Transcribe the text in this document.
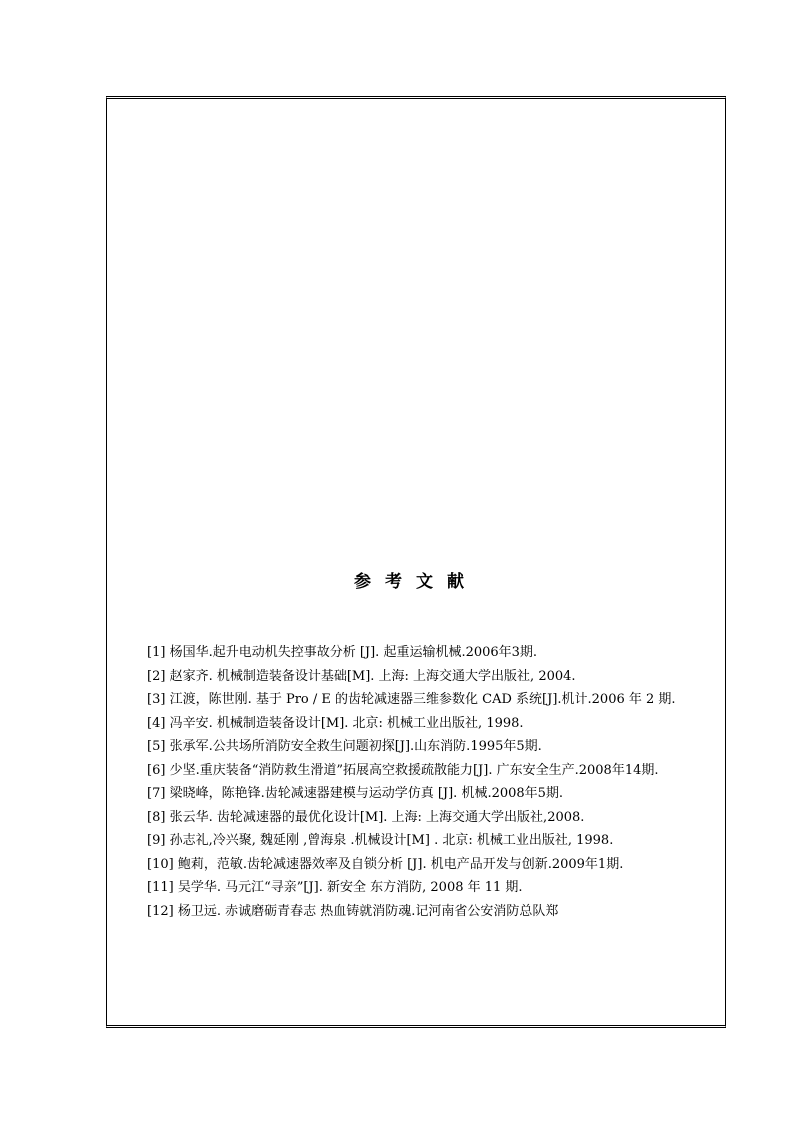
参考文献
[1]
杨国华.起升电动机失控事故分析 [J]. 起重运输机械.2006年3期.
[2]
赵家齐. 机械制造装备设计基础[M]. 上海: 上海交通大学出版社, 2004.
[3] 江渡，陈世刚. 基于 Pro / E 的齿轮减速器三维参数化 CAD 系统[J].机计.2006 年 2 期.
[4]
冯辛安. 机械制造装备设计[M]. 北京: 机械工业出版社, 1998.
[5]
张承军.公共场所消防安全救生问题初探[J].山东消防.1995年5期.
[6] 少坚.重庆装备“消防救生滑道”拓展高空救援疏散能力[J]. 广东安全生产.2008年14期.
[7]
梁晓峰，陈艳锋.齿轮减速器建模与运动学仿真 [J]. 机械.2008年5期.
[8]
张云华. 齿轮减速器的最优化设计[M]. 上海: 上海交通大学出版社,2008.
[9] 孙志礼,冷兴聚, 魏延刚 ,曾海泉 .机械设计[M] . 北京: 机械工业出版社, 1998.
[10] 鲍莉，范敏.齿轮减速器效率及自锁分析 [J]. 机电产品开发与创新.2009年1期.
[11]
吴学华. 马元江“寻亲”[J]. 新安全 东方消防, 2008 年 11 期.
[12]
杨卫远. 赤诚磨砺青春志 热血铸就消防魂.记河南省公安消防总队郑
